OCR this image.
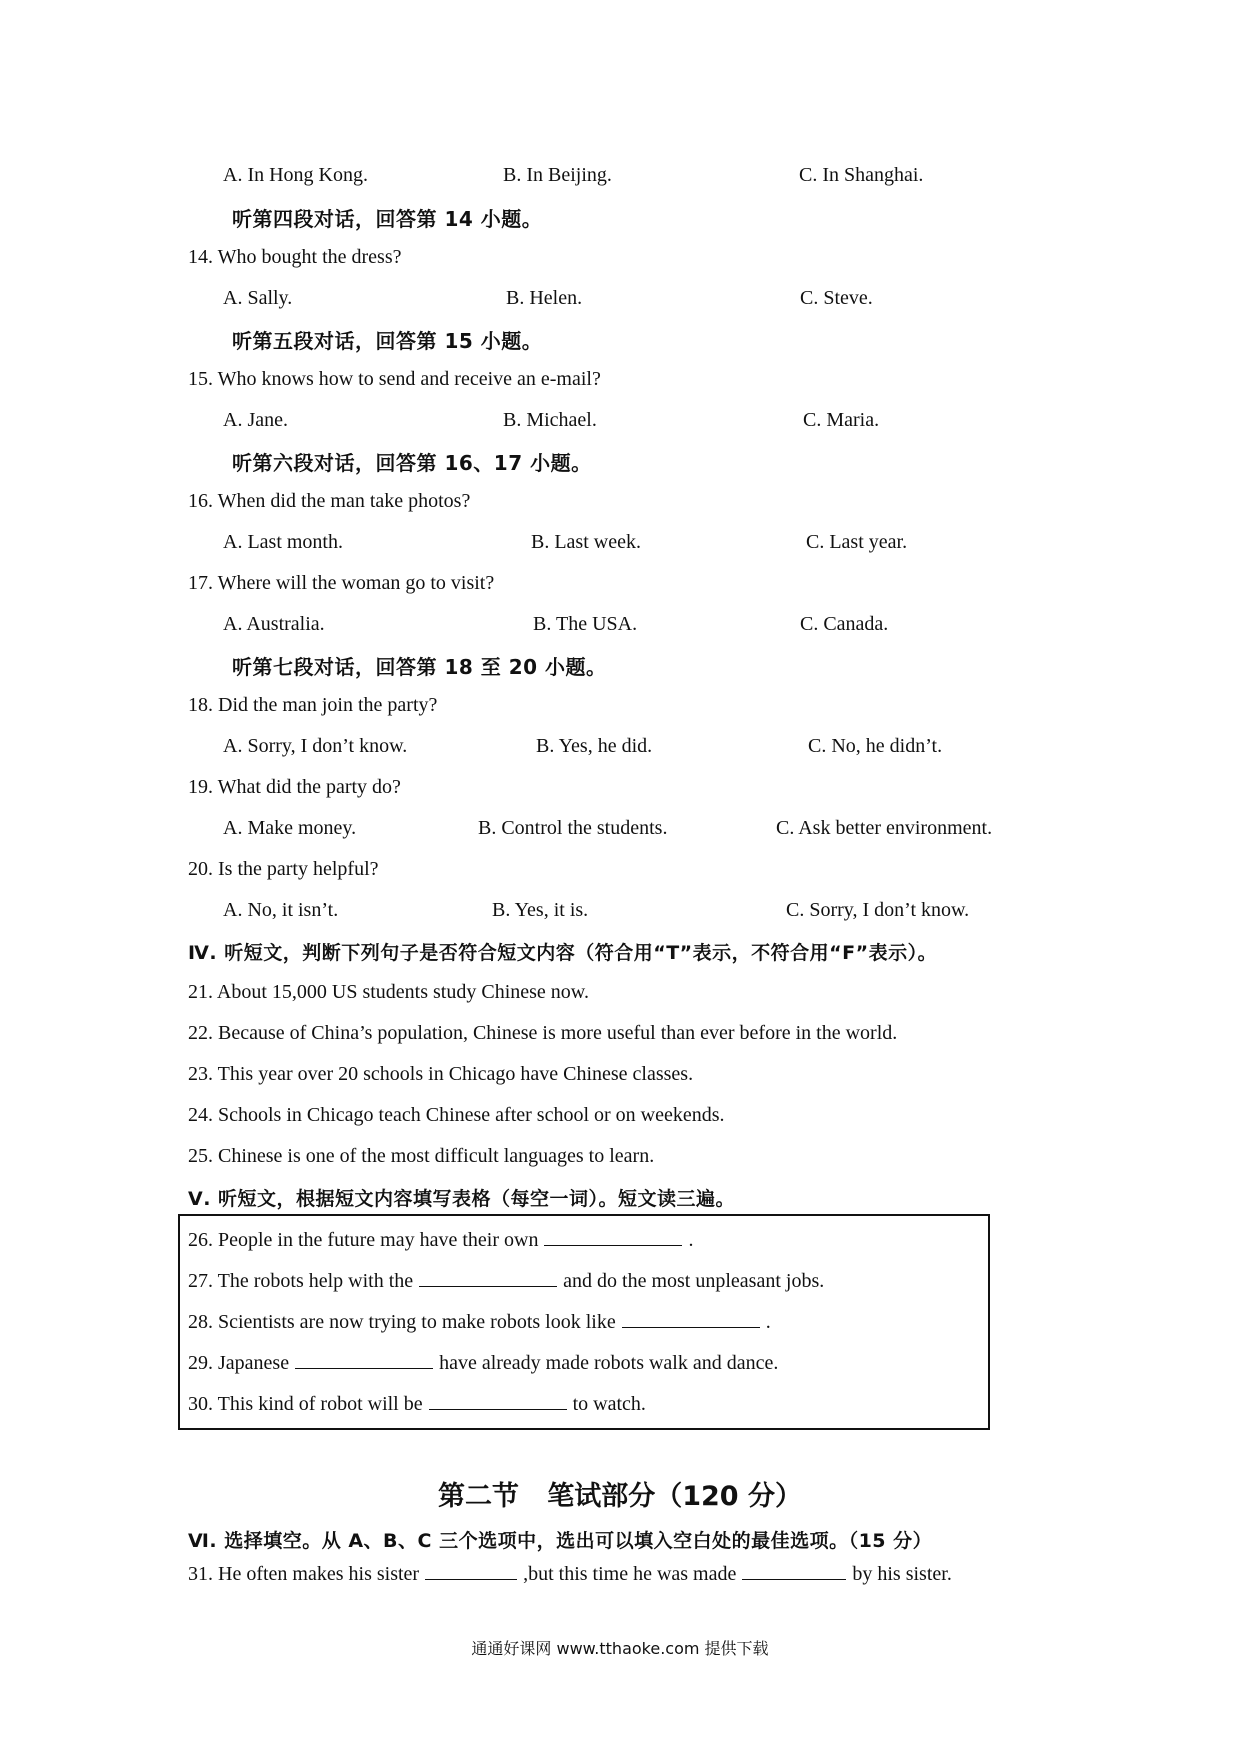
A. In Hong Kong.	B. In Beijing.	C. In Shanghai.
听第四段对话，回答第 14 小题。
14. Who bought the dress?
A. Sally.	B. Helen.	C. Steve.
听第五段对话，回答第 15 小题。
15. Who knows how to send and receive an e-mail?
A. Jane.	B. Michael.	C. Maria.
听第六段对话，回答第 16、17 小题。
16. When did the man take photos?
A. Last month.	B. Last week.	C. Last year.
17. Where will the woman go to visit?
A. Australia.	B. The USA.	C. Canada.
听第七段对话，回答第 18 至 20 小题。
18. Did the man join the party?
A. Sorry, I don’t know.	B. Yes, he did.	C. No, he didn’t.
19. What did the party do?
A. Make money.	B. Control the students.	C. Ask better environment.
20. Is the party helpful?
A. No, it isn’t.	B. Yes, it is.	C. Sorry, I don’t know.
Ⅳ. 听短文，判断下列句子是否符合短文内容（符合用“T”表示，不符合用“F”表示）。
21. About 15,000 US students study Chinese now.
22. Because of China’s population, Chinese is more useful than ever before in the world.
23. This year over 20 schools in Chicago have Chinese classes.
24. Schools in Chicago teach Chinese after school or on weekends.
25. Chinese is one of the most difficult languages to learn.
Ⅴ. 听短文，根据短文内容填写表格（每空一词）。短文读三遍。
26. People in the future may have their own	.
27. The robots help with the	and do the most unpleasant jobs.
28. Scientists are now trying to make robots look like	.
29. Japanese	have already made robots walk and dance.
30. This kind of robot will be	to watch.
第二节   笔试部分（120 分）
Ⅵ. 选择填空。从 A、B、C 三个选项中，选出可以填入空白处的最佳选项。（15 分）
31. He often makes his sister	,but this time he was made	by his sister.
通通好课网 www.tthaoke.com 提供下载
